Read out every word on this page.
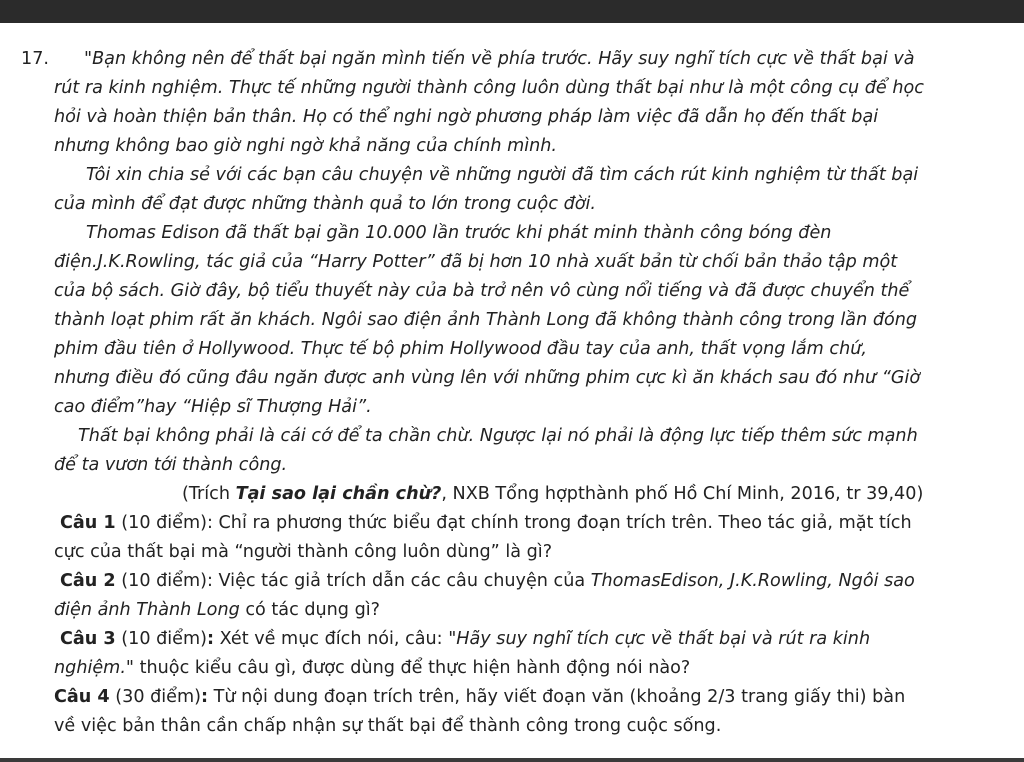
17. "Bạn không nên để thất bại ngăn mình tiến về phía trước. Hãy suy nghĩ tích cực về thất bại và
rút ra kinh nghiệm. Thực tế những người thành công luôn dùng thất bại như là một công cụ để học
hỏi và hoàn thiện bản thân. Họ có thể nghi ngờ phương pháp làm việc đã dẫn họ đến thất bại
nhưng không bao giờ nghi ngờ khả năng của chính mình.
Tôi xin chia sẻ với các bạn câu chuyện về những người đã tìm cách rút kinh nghiệm từ thất bại
của mình để đạt được những thành quả to lớn trong cuộc đời.
Thomas Edison đã thất bại gần 10.000 lần trước khi phát minh thành công bóng đèn
điện.J.K.Rowling, tác giả của “Harry Potter” đã bị hơn 10 nhà xuất bản từ chối bản thảo tập một
của bộ sách. Giờ đây, bộ tiểu thuyết này của bà trở nên vô cùng nổi tiếng và đã được chuyển thể
thành loạt phim rất ăn khách. Ngôi sao điện ảnh Thành Long đã không thành công trong lần đóng
phim đầu tiên ở Hollywood. Thực tế bộ phim Hollywood đầu tay của anh, thất vọng lắm chứ,
nhưng điều đó cũng đâu ngăn được anh vùng lên với những phim cực kì ăn khách sau đó như “Giờ
cao điểm”hay “Hiệp sĩ Thượng Hải”.
Thất bại không phải là cái cớ để ta chần chừ. Ngược lại nó phải là động lực tiếp thêm sức mạnh
để ta vươn tới thành công.
(Trích Tại sao lại chần chừ?, NXB Tổng hợpthành phố Hồ Chí Minh, 2016, tr 39,40)
Câu 1 (10 điểm): Chỉ ra phương thức biểu đạt chính trong đoạn trích trên. Theo tác giả, mặt tích
cực của thất bại mà “người thành công luôn dùng” là gì?
Câu 2 (10 điểm): Việc tác giả trích dẫn các câu chuyện của ThomasEdison, J.K.Rowling, Ngôi sao
điện ảnh Thành Long có tác dụng gì?
Câu 3 (10 điểm): Xét về mục đích nói, câu: "Hãy suy nghĩ tích cực về thất bại và rút ra kinh
nghiệm." thuộc kiểu câu gì, được dùng để thực hiện hành động nói nào?
Câu 4 (30 điểm): Từ nội dung đoạn trích trên, hãy viết đoạn văn (khoảng 2/3 trang giấy thi) bàn
về việc bản thân cần chấp nhận sự thất bại để thành công trong cuộc sống.
